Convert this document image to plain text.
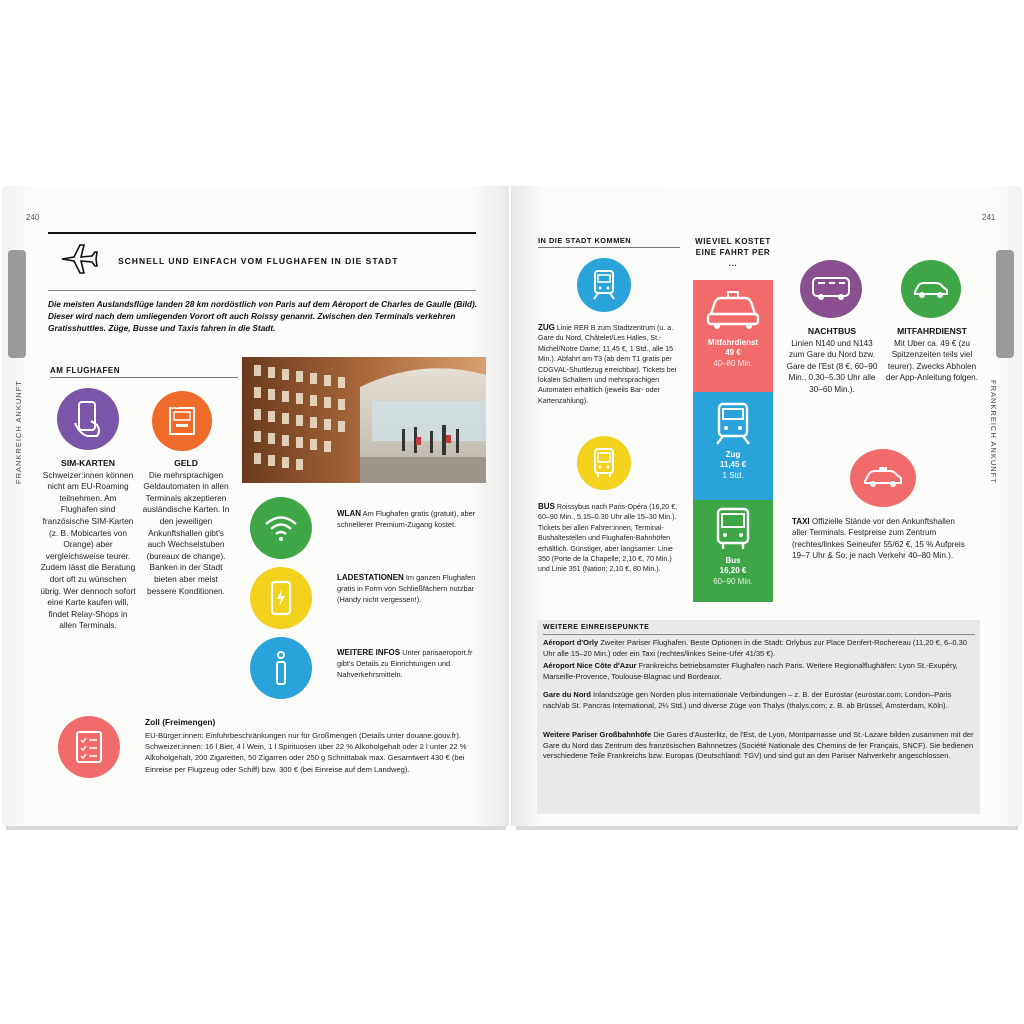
240
FRANKREICH ANKUNFT
SCHNELL UND EINFACH VOM FLUGHAFEN IN DIE STADT
Die meisten Auslandsflüge landen 28 km nordöstlich von Paris auf dem Aéroport de Charles de Gaulle (Bild). Dieser wird nach dem umliegenden Vorort oft auch Roissy genannt. Zwischen den Terminals verkehren Gratisshuttles. Züge, Busse und Taxis fahren in die Stadt.
AM FLUGHAFEN
SIM-KARTEN
Schweizer:innen können nicht am EU-Roaming teilnehmen. Am Flughafen sind französische SIM-Karten (z. B. Mobicartes von Orange) aber vergleichsweise teurer. Zudem lässt die Beratung dort oft zu wünschen übrig. Wer dennoch sofort eine Karte kaufen will, findet Relay-Shops in allen Terminals.
ATM
GELD
Die mehrsprachigen Geldautomaten in allen Terminals akzeptieren ausländische Karten. In den jeweiligen Ankunftshallen gibt's auch Wechselstuben (bureaux de change). Banken in der Stadt bieten aber meist bessere Konditionen.
WLAN Am Flughafen gratis (gratuit), aber schnellerer Premium-Zugang kostet.
LADESTATIONEN Im ganzen Flughafen gratis in Form von Schließfächern nutzbar (Handy nicht vergessen!).
WEITERE INFOS Unter parisaeroport.fr gibt's Details zu Einrichtungen und Nahverkehrsmitteln.
Zoll (Freimengen)
EU-Bürger:innen: Einfuhrbeschränkungen nur für Großmengen (Details unter douane.gouv.fr). Schweizer:innen: 16 l Bier, 4 l Wein, 1 l Spirituosen über 22 % Alkoholgehalt oder 2 l unter 22 % Alkoholgehalt, 200 Zigaretten, 50 Zigarren oder 250 g Schnittabak max. Gesamtwert 430 € (bei Einreise per Flugzeug oder Schiff) bzw. 300 € (bei Einreise auf dem Landweg).
241
FRANKREICH ANKUNFT
IN DIE STADT KOMMEN
ZUG Linie RER B zum Stadtzentrum (u. a. Gare du Nord, Châtelet/Les Halles, St.-Michel/Notre Dame; 11,45 €, 1 Std., alle 15 Min.). Abfahrt am T3 (ab dem T1 gratis per CDGVAL-Shuttlezug erreichbar). Tickets bei lokalen Schaltern und mehrsprachigen Automaten erhältlich (jeweils Bar- oder Kartenzahlung).
BUS Roissybus nach Paris-Opéra (16,20 €, 60–90 Min., 5.15–0.30 Uhr alle 15–30 Min.). Tickets bei allen Fahrer:innen, Terminal-Bushaltestellen und Flughafen-Bahnhöfen erhältlich. Günstiger, aber langsamer: Linie 350 (Porte de la Chapelle; 2,10 €, 70 Min.) und Linie 351 (Nation; 2,10 €, 80 Min.).
WIEVIEL KOSTET EINE FAHRT PER ...
Mitfahrdienst
49 €
40–80 Min.
Zug
11,45 €
1 Std.
Bus
16,20 €
60–90 Min.
NACHTBUS
Linien N140 und N143 zum Gare du Nord bzw. Gare de l'Est (8 €, 60–90 Min., 0.30–5.30 Uhr alle 30–60 Min.).
MITFAHRDIENST
Mit Uber ca. 49 € (zu Spitzenzeiten teils viel teurer). Zwecks Abholen der App-Anleitung folgen.
TAXI Offizielle Stände vor den Ankunftshallen aller Terminals. Festpreise zum Zentrum (rechtes/linkes Seineufer 55/62 €, 15 % Aufpreis 19–7 Uhr & So; je nach Verkehr 40–80 Min.).
WEITERE EINREISEPUNKTE
Aéroport d'Orly Zweiter Pariser Flughafen. Beste Optionen in die Stadt: Orlybus zur Place Denfert-Rochereau (11,20 €, 6–0.30 Uhr alle 15–20 Min.) oder ein Taxi (rechtes/linkes Seine-Ufer 41/35 €).
Aéroport Nice Côte d'Azur Frankreichs betriebsamster Flughafen nach Paris. Weitere Regionalflughäfen: Lyon St.-Exupéry, Marseille-Provence, Toulouse-Blagnac und Bordeaux.
Gare du Nord Inlandszüge gen Norden plus internationale Verbindungen – z. B. der Eurostar (eurostar.com; London–Paris nach/ab St. Pancras International, 2¼ Std.) und diverse Züge von Thalys (thalys.com; z. B. ab Brüssel, Amsterdam, Köln).
Weitere Pariser Großbahnhöfe Die Gares d'Austerlitz, de l'Est, de Lyon, Montparnasse und St.-Lazare bilden zusammen mit der Gare du Nord das Zentrum des französischen Bahnnetzes (Société Nationale des Chemins de fer Français, SNCF). Sie bedienen verschiedene Teile Frankreichs bzw. Europas (Deutschland: TGV) und sind gut an den Pariser Nahverkehr angeschlossen.
